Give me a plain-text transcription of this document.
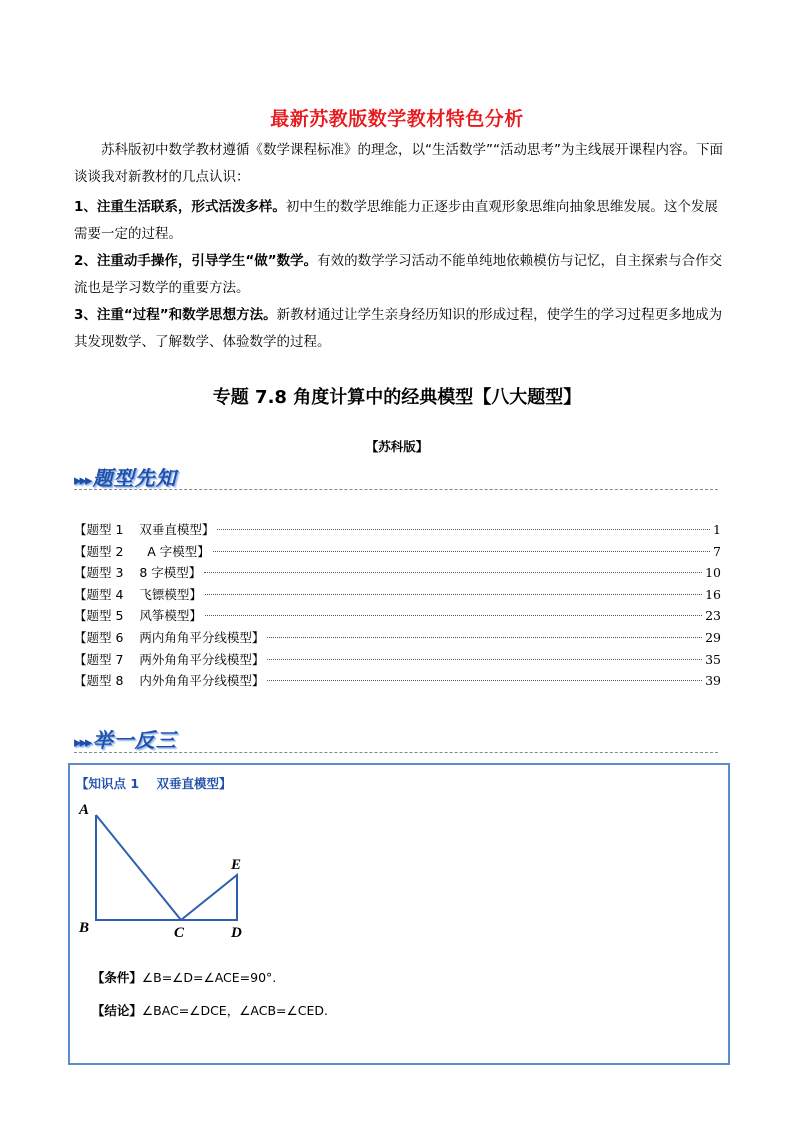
最新苏教版数学教材特色分析
苏科版初中数学教材遵循《数学课程标准》的理念，以“生活数学”“活动思考”为主线展开课程内容。下面谈谈我对新教材的几点认识：
1、注重生活联系，形式活泼多样。初中生的数学思维能力正逐步由直观形象思维向抽象思维发展。这个发展需要一定的过程。
2、注重动手操作，引导学生“做”数学。有效的数学学习活动不能单纯地依赖模仿与记忆，自主探索与合作交流也是学习数学的重要方法。
3、注重“过程”和数学思想方法。新教材通过让学生亲身经历知识的形成过程，使学生的学习过程更多地成为其发现数学、了解数学、体验数学的过程。
专题 7.8 角度计算中的经典模型【八大题型】
【苏科版】
▸▸▸ 题型先知
【题型 1    双垂直模型】	1
【题型 2      A 字模型】	7
【题型 3    8 字模型】	10
【题型 4    飞镖模型】	16
【题型 5    风筝模型】	23
【题型 6    两内角角平分线模型】	29
【题型 7    两外角角平分线模型】	35
【题型 8    内外角角平分线模型】	39
▸▸▸ 举一反三
【知识点 1    双垂直模型】
A
B	C	D
E

【条件】∠B=∠D=∠ACE=90°.

【结论】∠BAC=∠DCE，∠ACB=∠CED.
